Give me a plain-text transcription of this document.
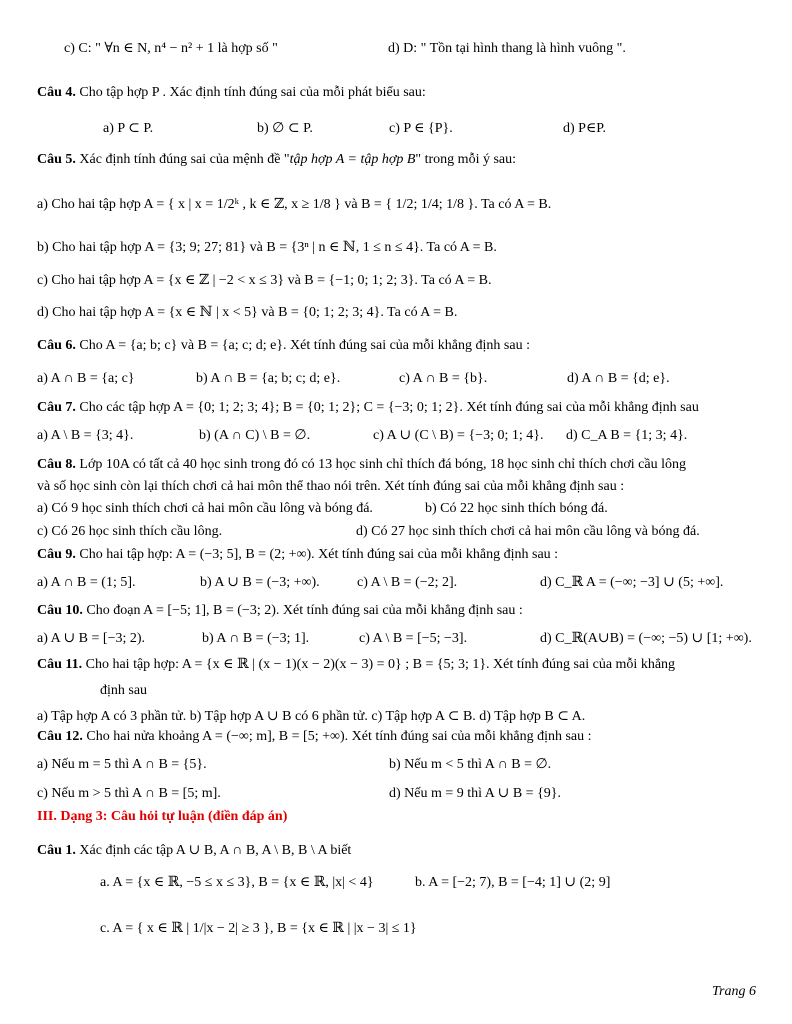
c) C: " ∀n ∈ N, n⁴ − n² + 1 là hợp số "	d) D: " Tồn tại hình thang là hình vuông ".
Câu 4. Cho tập hợp P . Xác định tính đúng sai của mỗi phát biểu sau:
a) P ⊂ P.	b) ∅ ⊂ P.	c) P ∈ {P}.	d) P∈P.
Câu 5. Xác định tính đúng sai của mệnh đề "tập hợp A = tập hợp B" trong mỗi ý sau:
a) Cho hai tập hợp A = { x | x = 1/2ᵏ , k ∈ ℤ, x ≥ 1/8 } và B = { 1/2; 1/4; 1/8 }. Ta có A = B.
b) Cho hai tập hợp A = {3; 9; 27; 81} và B = {3ⁿ | n ∈ ℕ, 1 ≤ n ≤ 4}. Ta có A = B.
c) Cho hai tập hợp A = {x ∈ ℤ | −2 < x ≤ 3} và B = {−1; 0; 1; 2; 3}. Ta có A = B.
d) Cho hai tập hợp A = {x ∈ ℕ | x < 5} và B = {0; 1; 2; 3; 4}. Ta có A = B.
Câu 6. Cho A = {a; b; c} và B = {a; c; d; e}. Xét tính đúng sai của mỗi khẳng định sau :
a) A ∩ B = {a; c}	b) A ∩ B = {a; b; c; d; e}.	c) A ∩ B = {b}.	d) A ∩ B = {d; e}.
Câu 7. Cho các tập hợp A = {0; 1; 2; 3; 4}; B = {0; 1; 2}; C = {−3; 0; 1; 2}. Xét tính đúng sai của mỗi khẳng định sau
a) A \ B = {3; 4}.	b) (A ∩ C) \ B = ∅.	c) A ∪ (C \ B) = {−3; 0; 1; 4}. d) C_A B = {1; 3; 4}.
Câu 8. Lớp 10A có tất cả 40 học sinh trong đó có 13 học sinh chỉ thích đá bóng, 18 học sinh chỉ thích chơi cầu lông
và số học sinh còn lại thích chơi cả hai môn thể thao nói trên. Xét tính đúng sai của mỗi khẳng định sau :
a) Có 9 học sinh thích chơi cả hai môn cầu lông và bóng đá.	b) Có 22 học sinh thích bóng đá.
c) Có 26 học sinh thích cầu lông.	d) Có 27 học sinh thích chơi cả hai môn cầu lông và bóng đá.
Câu 9. Cho hai tập hợp: A = (−3; 5], B = (2; +∞). Xét tính đúng sai của mỗi khẳng định sau :
a) A ∩ B = (1; 5].	b) A ∪ B = (−3; +∞).	c) A \ B = (−2; 2].	d) C_ℝ A = (−∞; −3] ∪ (5; +∞].
Câu 10. Cho đoạn A = [−5; 1], B = (−3; 2). Xét tính đúng sai của mỗi khẳng định sau :
a) A ∪ B = [−3; 2).	b) A ∩ B = (−3; 1].	c) A \ B = [−5; −3].	d) C_ℝ(A∪B) = (−∞; −5) ∪ [1; +∞).
Câu 11. Cho hai tập hợp: A = {x ∈ ℝ | (x − 1)(x − 2)(x − 3) = 0} ; B = {5; 3; 1}. Xét tính đúng sai của mỗi khẳng
định sau
a) Tập hợp A có 3 phần tử. b) Tập hợp A ∪ B có 6 phần tử. c) Tập hợp A ⊂ B. d) Tập hợp B ⊂ A.
Câu 12. Cho hai nửa khoảng A = (−∞; m], B = [5; +∞). Xét tính đúng sai của mỗi khẳng định sau :
a) Nếu m = 5 thì A ∩ B = {5}.	b) Nếu m < 5 thì A ∩ B = ∅.
c) Nếu m > 5 thì A ∩ B = [5; m].	d) Nếu m = 9 thì A ∪ B = {9}.
III. Dạng 3: Câu hỏi tự luận (điền đáp án)
Câu 1. Xác định các tập A ∪ B, A ∩ B, A \ B, B \ A biết
a. A = {x ∈ ℝ, −5 ≤ x ≤ 3}, B = {x ∈ ℝ, |x| < 4}	b. A = [−2; 7), B = [−4; 1] ∪ (2; 9]
c. A = { x ∈ ℝ | 1/|x − 2| ≥ 3 }, B = {x ∈ ℝ | |x − 3| ≤ 1}
Trang 6
